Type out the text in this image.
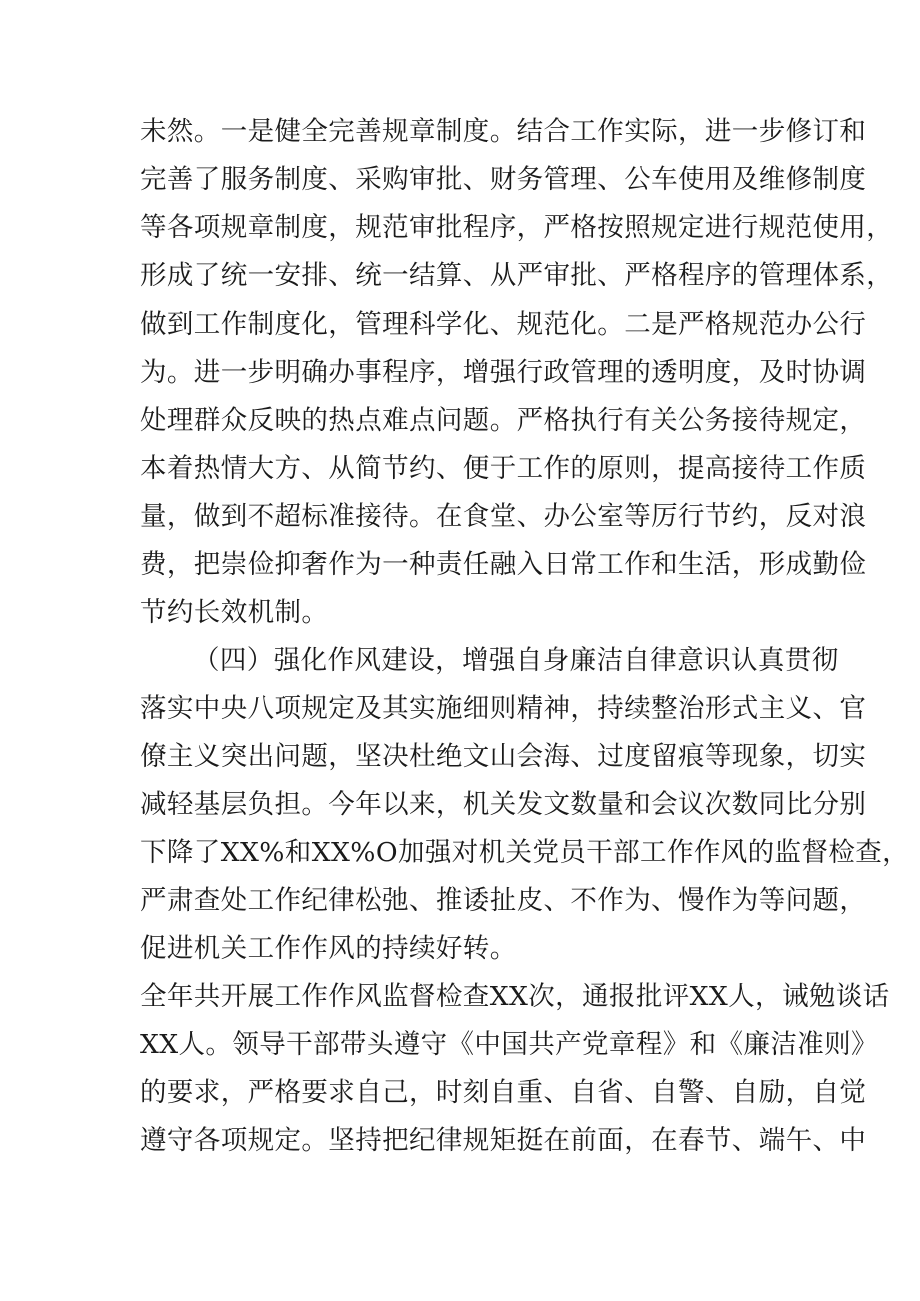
未然。一是健全完善规章制度。结合工作实际，进一步修订和
完善了服务制度、采购审批、财务管理、公车使用及维修制度
等各项规章制度，规范审批程序，严格按照规定进行规范使用，
形成了统一安排、统一结算、从严审批、严格程序的管理体系，
做到工作制度化，管理科学化、规范化。二是严格规范办公行
为。进一步明确办事程序，增强行政管理的透明度，及时协调
处理群众反映的热点难点问题。严格执行有关公务接待规定，
本着热情大方、从简节约、便于工作的原则，提高接待工作质
量，做到不超标准接待。在食堂、办公室等厉行节约，反对浪
费，把崇俭抑奢作为一种责任融入日常工作和生活，形成勤俭
节约长效机制。
（四）强化作风建设，增强自身廉洁自律意识认真贯彻
落实中央八项规定及其实施细则精神，持续整治形式主义、官
僚主义突出问题，坚决杜绝文山会海、过度留痕等现象，切实
减轻基层负担。今年以来，机关发文数量和会议次数同比分别
下降了XX%和XX%O加强对机关党员干部工作作风的监督检查，
严肃查处工作纪律松弛、推诿扯皮、不作为、慢作为等问题，
促进机关工作作风的持续好转。
全年共开展工作作风监督检查XX次，通报批评XX人，诫勉谈话
XX人。领导干部带头遵守《中国共产党章程》和《廉洁准则》
的要求，严格要求自己，时刻自重、自省、自警、自励，自觉
遵守各项规定。坚持把纪律规矩挺在前面，在春节、端午、中
